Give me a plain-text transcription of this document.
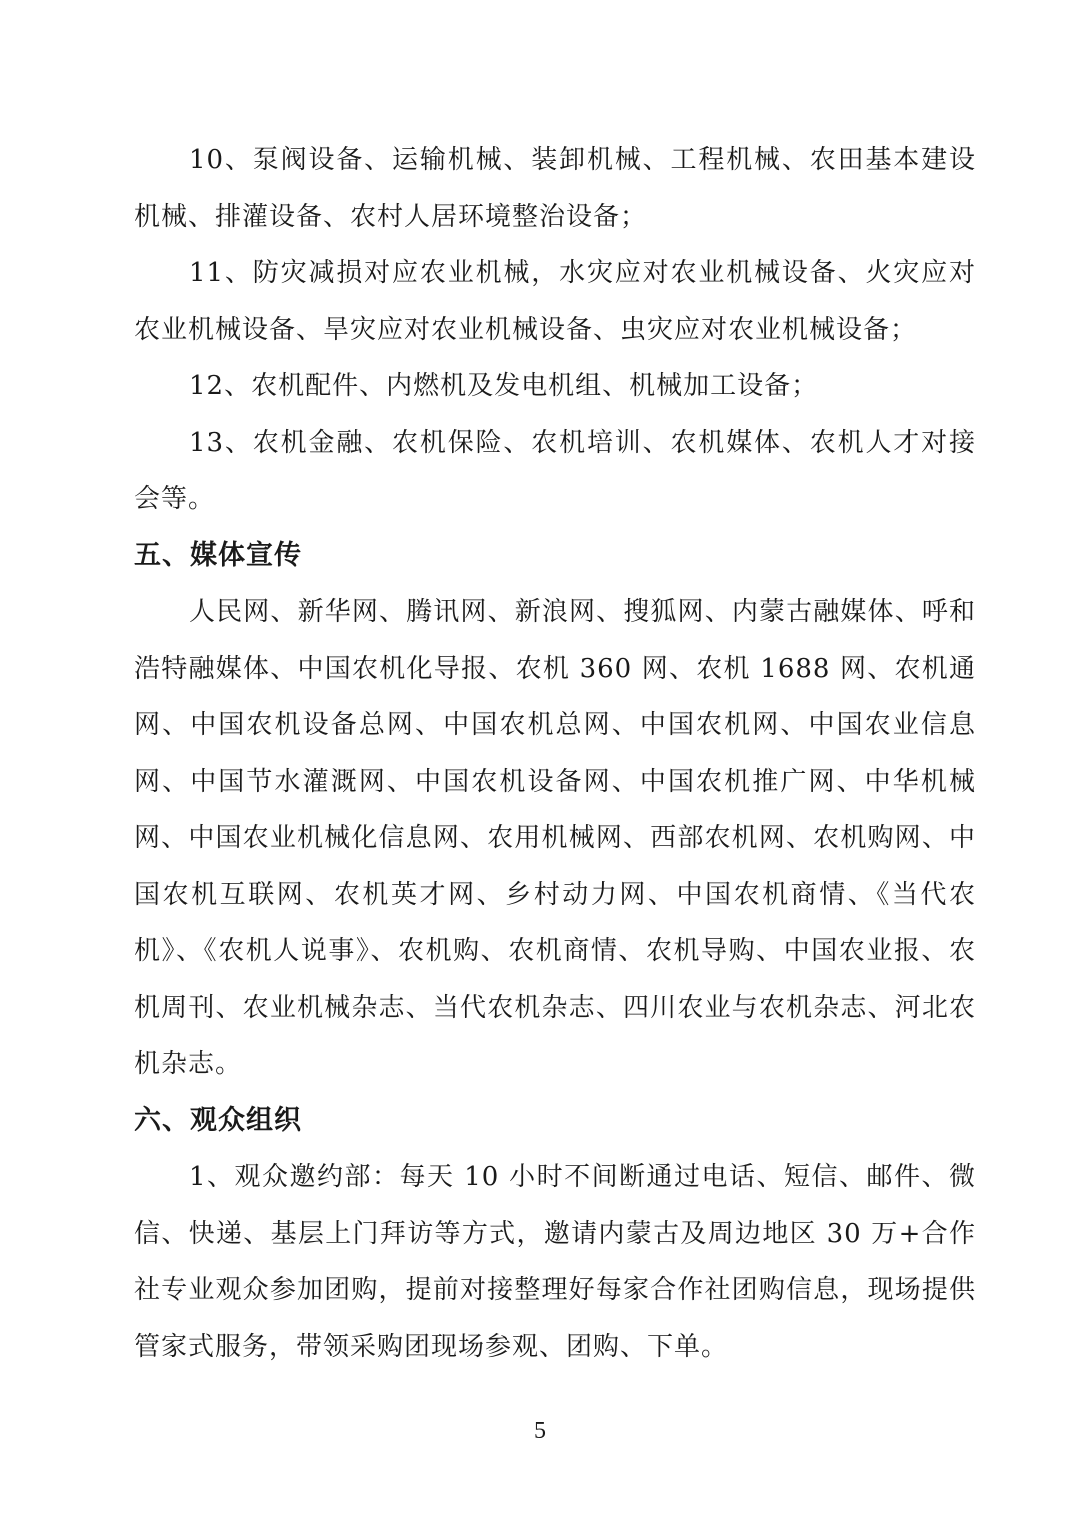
10、泵阀设备、运输机械、装卸机械、工程机械、农田基本建设机械、排灌设备、农村人居环境整治设备；

11、防灾减损对应农业机械，水灾应对农业机械设备、火灾应对农业机械设备、旱灾应对农业机械设备、虫灾应对农业机械设备；

12、农机配件、内燃机及发电机组、机械加工设备；

13、农机金融、农机保险、农机培训、农机媒体、农机人才对接会等。

五、媒体宣传

人民网、新华网、腾讯网、新浪网、搜狐网、内蒙古融媒体、呼和浩特融媒体、中国农机化导报、农机 360 网、农机 1688 网、农机通网、中国农机设备总网、中国农机总网、中国农机网、中国农业信息网、中国节水灌溉网、中国农机设备网、中国农机推广网、中华机械网、中国农业机械化信息网、农用机械网、西部农机网、农机购网、中国农机互联网、农机英才网、乡村动力网、中国农机商情、《当代农机》、《农机人说事》、农机购、农机商情、农机导购、中国农业报、农机周刊、农业机械杂志、当代农机杂志、四川农业与农机杂志、河北农机杂志。

六、观众组织

1、观众邀约部：每天 10 小时不间断通过电话、短信、邮件、微信、快递、基层上门拜访等方式，邀请内蒙古及周边地区 30 万+合作社专业观众参加团购，提前对接整理好每家合作社团购信息，现场提供管家式服务，带领采购团现场参观、团购、下单。

5
